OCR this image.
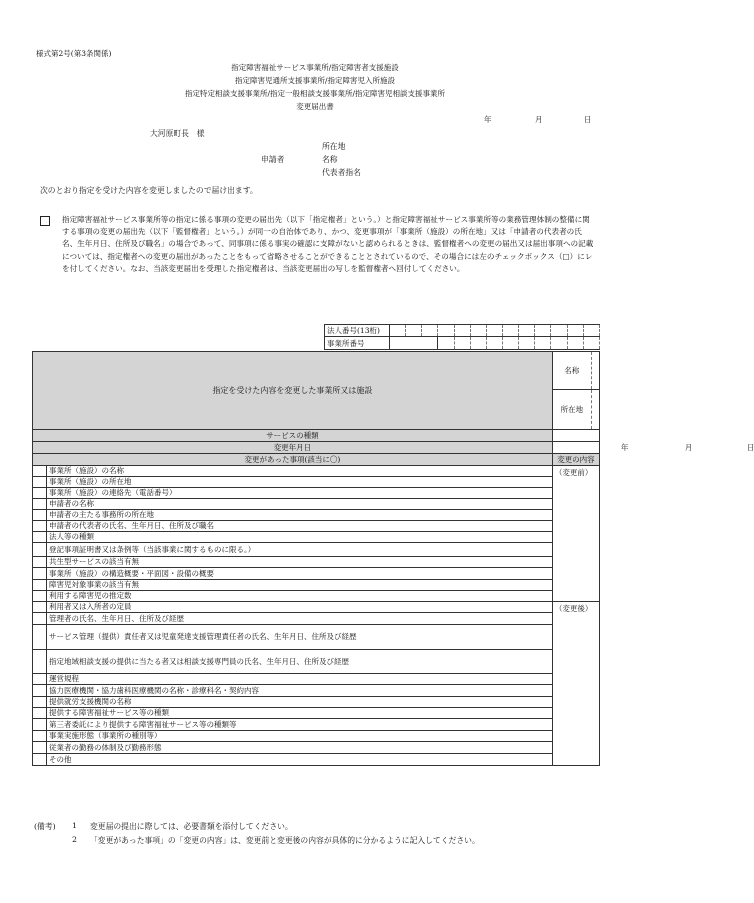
様式第2号(第3条関係)
指定障害福祉サービス事業所/指定障害者支援施設
指定障害児通所支援事業所/指定障害児入所施設
指定特定相談支援事業所/指定一般相談支援事業所/指定障害児相談支援事業所
変更届出書
年	月	日
大河原町長　様
所在地
申請者	名称
代表者指名
次のとおり指定を受けた内容を変更しましたので届け出ます。
指定障害福祉サービス事業所等の指定に係る事項の変更の届出先（以下「指定権者」という。）と指定障害福祉サービス事業所等の業務管理体制の整備に関する事項の変更の届出先（以下「監督権者」という。）が同一の自治体であり、かつ、変更事項が「事業所（施設）の所在地」又は「申請者の代表者の氏名、生年月日、住所及び職名」の場合であって、同事項に係る事実の確認に支障がないと認められるときは、監督権者への変更の届出又は届出事項への記載については、指定権者への変更の届出があったことをもって省略させることができることとされているので、その場合には左のチェックボックス（□）にレを付してください。なお、当該変更届出を受理した指定権者は、当該変更届出の写しを監督権者へ回付してください。
法人番号(13桁)													
事業所番号													
指定を受けた内容を変更した事業所又は施設		名称	
		所在地	
サービスの種類			
変更年月日		年 月 日	

変更があった事項(該当に〇)		変更の内容	
	事業所（施設）の名称	（変更前）	
	事業所（施設）の所在地		
	事業所（施設）の連絡先（電話番号）		
	申請者の名称		
	申請者の主たる事務所の所在地		
	申請者の代表者の氏名、生年月日、住所及び職名		
	法人等の種類		
	登記事項証明書又は条例等（当該事業に関するものに限る。）		
	共生型サービスの該当有無		
	事業所（施設）の構造概要・平面図・設備の概要		
	障害児対象事業の該当有無		
	利用する障害児の推定数		
	利用者又は入所者の定員	（変更後）	
	管理者の氏名、生年月日、住所及び経歴		
	サービス管理（提供）責任者又は児童発達支援管理責任者の氏名、生年月日、住所及び経歴		
	指定地域相談支援の提供に当たる者又は相談支援専門員の氏名、生年月日、住所及び経歴		
	運営規程		
	協力医療機関・協力歯科医療機関の名称・診療科名・契約内容		
	提供就労支援機関の名称		
	提供する障害福祉サービス等の種類		
	第三者委託により提供する障害福祉サービス等の種類等		
	事業実施形態（事業所の種別等）		
	従業者の勤務の体制及び勤務形態		
	その他		
(備考) 1 変更届の提出に際しては、必要書類を添付してください。
2 「変更があった事項」の「変更の内容」は、変更前と変更後の内容が具体的に分かるように記入してください。
